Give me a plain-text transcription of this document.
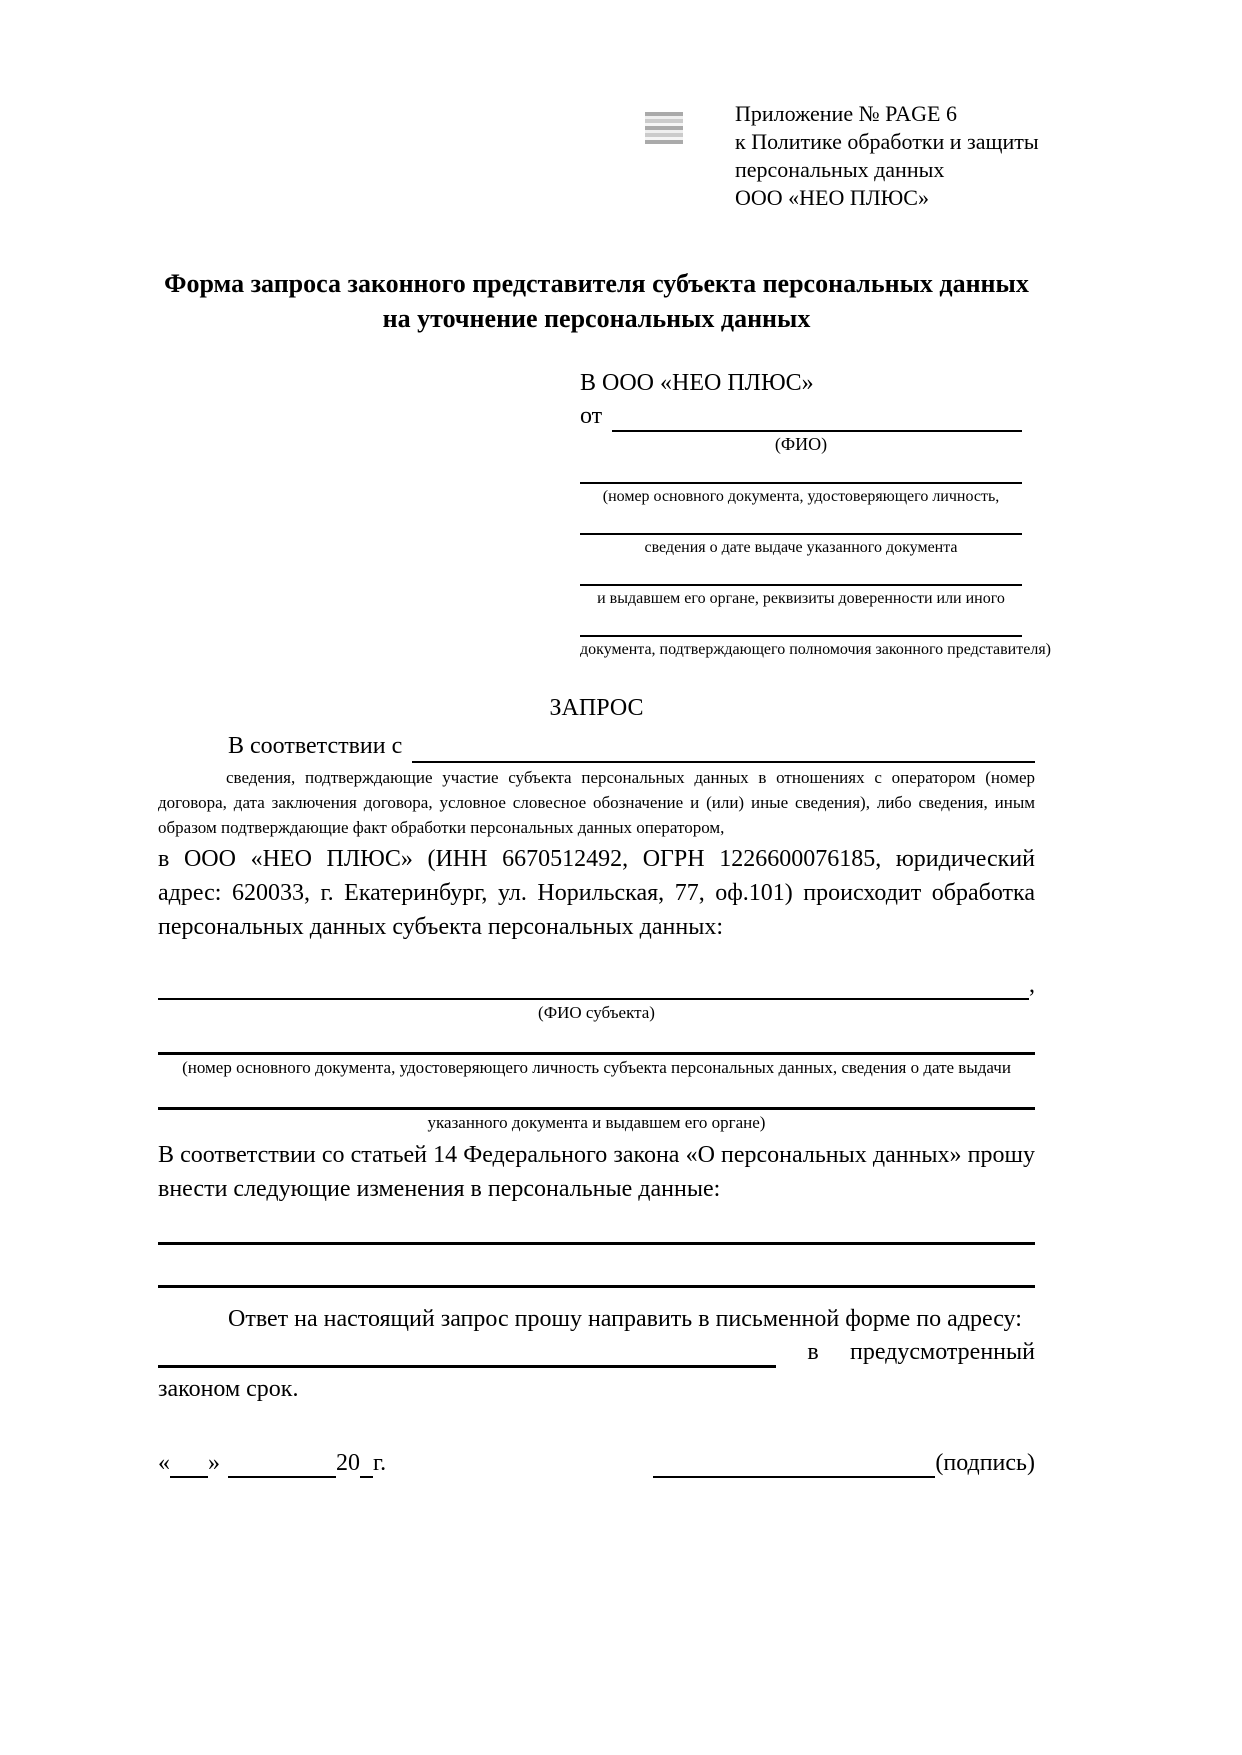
Приложение № PAGE 6
к Политике обработки и защиты
персональных данных
ООО «НЕО ПЛЮС»
Форма запроса законного представителя субъекта персональных данных
на уточнение персональных данных
В ООО «НЕО ПЛЮС»
от
(ФИО)
(номер основного документа, удостоверяющего личность,
сведения о дате выдаче указанного документа
и выдавшем его органе, реквизиты доверенности или иного
документа, подтверждающего полномочия законного представителя)
ЗАПРОС
В соответствии с
сведения, подтверждающие участие субъекта персональных данных в отношениях с оператором (номер договора, дата заключения договора, условное словесное обозначение и (или) иные сведения), либо сведения, иным образом подтверждающие факт обработки персональных данных оператором,
в ООО «НЕО ПЛЮС» (ИНН 6670512492, ОГРН 1226600076185, юридический адрес: 620033, г. Екатеринбург, ул. Норильская, 77, оф.101) происходит обработка персональных данных субъекта персональных данных:
,
(ФИО субъекта)
(номер основного документа, удостоверяющего личность субъекта персональных данных, сведения о дате выдачи
указанного документа и выдавшем его органе)
В соответствии со статьей 14 Федерального закона «О персональных данных» прошу внести следующие изменения в персональные данные:
Ответ на настоящий запрос прошу направить в письменной форме по адресу:
в предусмотренный
законом срок.
« »	20 г.	(подпись)
